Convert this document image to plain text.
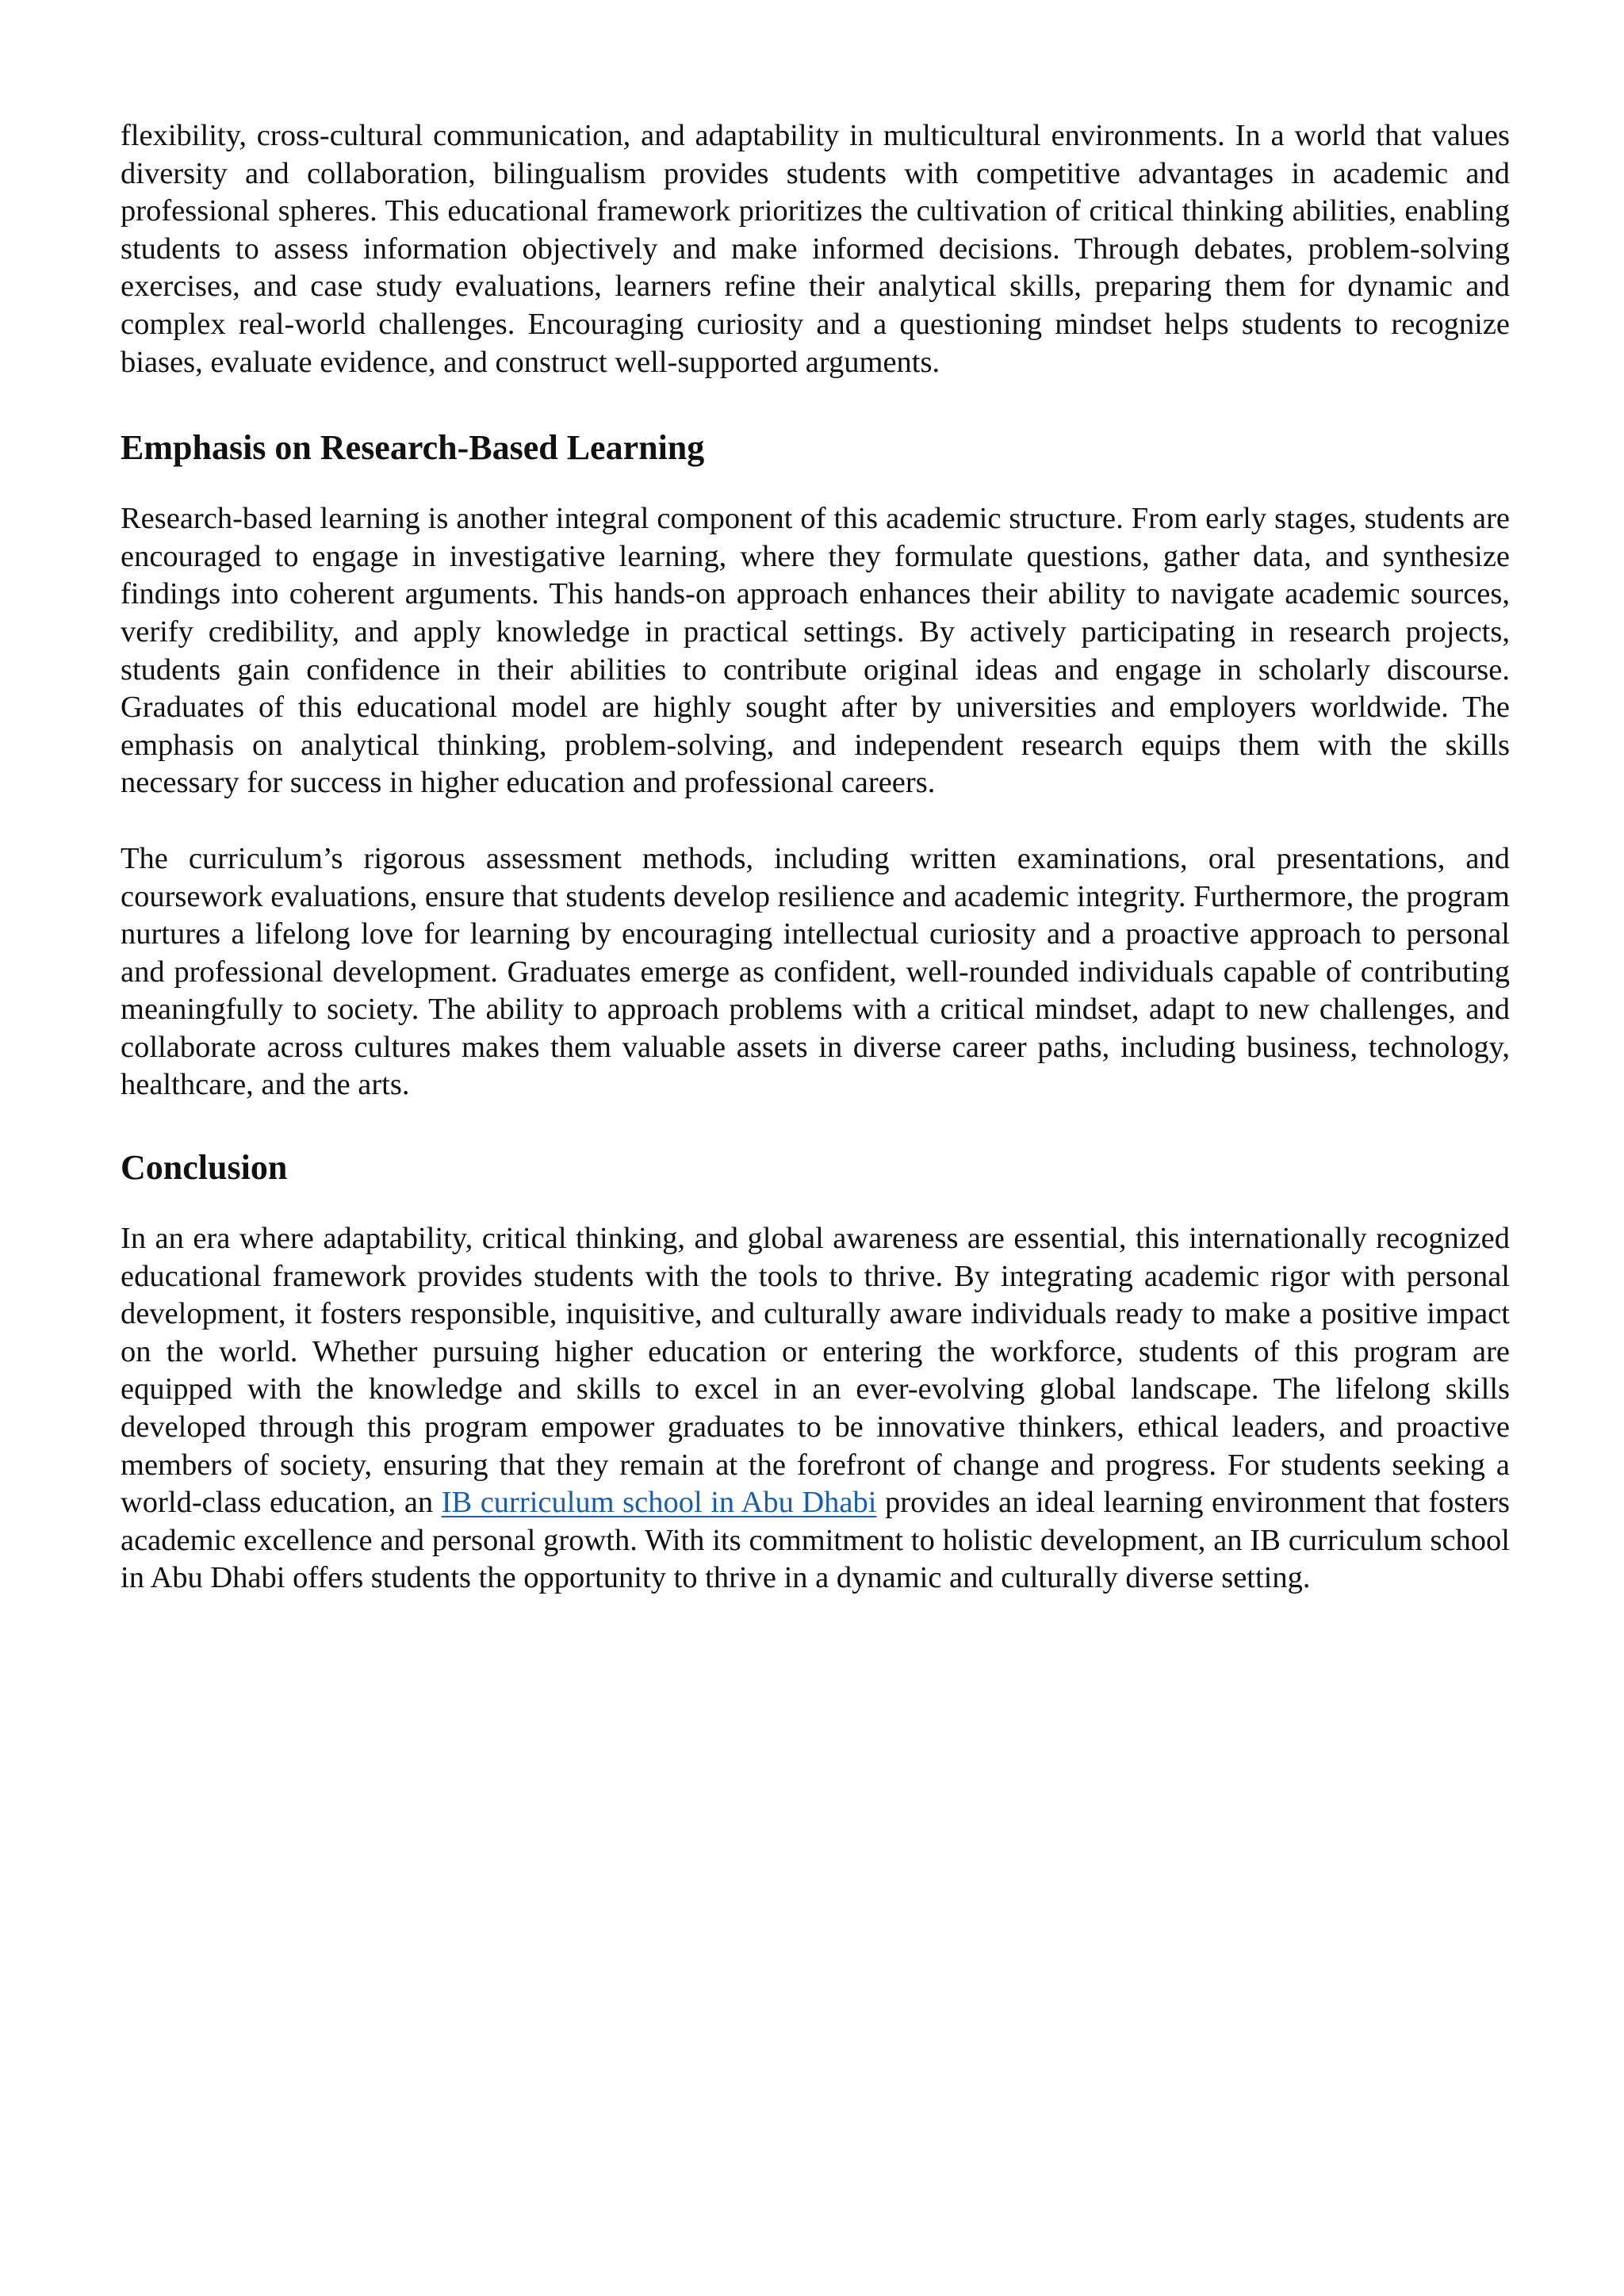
flexibility, cross-cultural communication, and adaptability in multicultural environments. In a world that values diversity and collaboration, bilingualism provides students with competitive advantages in academic and professional spheres. This educational framework prioritizes the cultivation of critical thinking abilities, enabling students to assess information objectively and make informed decisions. Through debates, problem-solving exercises, and case study evaluations, learners refine their analytical skills, preparing them for dynamic and complex real-world challenges. Encouraging curiosity and a questioning mindset helps students to recognize biases, evaluate evidence, and construct well-supported arguments.

Emphasis on Research-Based Learning

Research-based learning is another integral component of this academic structure. From early stages, students are encouraged to engage in investigative learning, where they formulate questions, gather data, and synthesize findings into coherent arguments. This hands-on approach enhances their ability to navigate academic sources, verify credibility, and apply knowledge in practical settings. By actively participating in research projects, students gain confidence in their abilities to contribute original ideas and engage in scholarly discourse. Graduates of this educational model are highly sought after by universities and employers worldwide. The emphasis on analytical thinking, problem-solving, and independent research equips them with the skills necessary for success in higher education and professional careers.

The curriculum’s rigorous assessment methods, including written examinations, oral presentations, and coursework evaluations, ensure that students develop resilience and academic integrity. Furthermore, the program nurtures a lifelong love for learning by encouraging intellectual curiosity and a proactive approach to personal and professional development. Graduates emerge as confident, well-rounded individuals capable of contributing meaningfully to society. The ability to approach problems with a critical mindset, adapt to new challenges, and collaborate across cultures makes them valuable assets in diverse career paths, including business, technology, healthcare, and the arts.

Conclusion

In an era where adaptability, critical thinking, and global awareness are essential, this internationally recognized educational framework provides students with the tools to thrive. By integrating academic rigor with personal development, it fosters responsible, inquisitive, and culturally aware individuals ready to make a positive impact on the world. Whether pursuing higher education or entering the workforce, students of this program are equipped with the knowledge and skills to excel in an ever-evolving global landscape. The lifelong skills developed through this program empower graduates to be innovative thinkers, ethical leaders, and proactive members of society, ensuring that they remain at the forefront of change and progress. For students seeking a world-class education, an IB curriculum school in Abu Dhabi provides an ideal learning environment that fosters academic excellence and personal growth. With its commitment to holistic development, an IB curriculum school in Abu Dhabi offers students the opportunity to thrive in a dynamic and culturally diverse setting.
